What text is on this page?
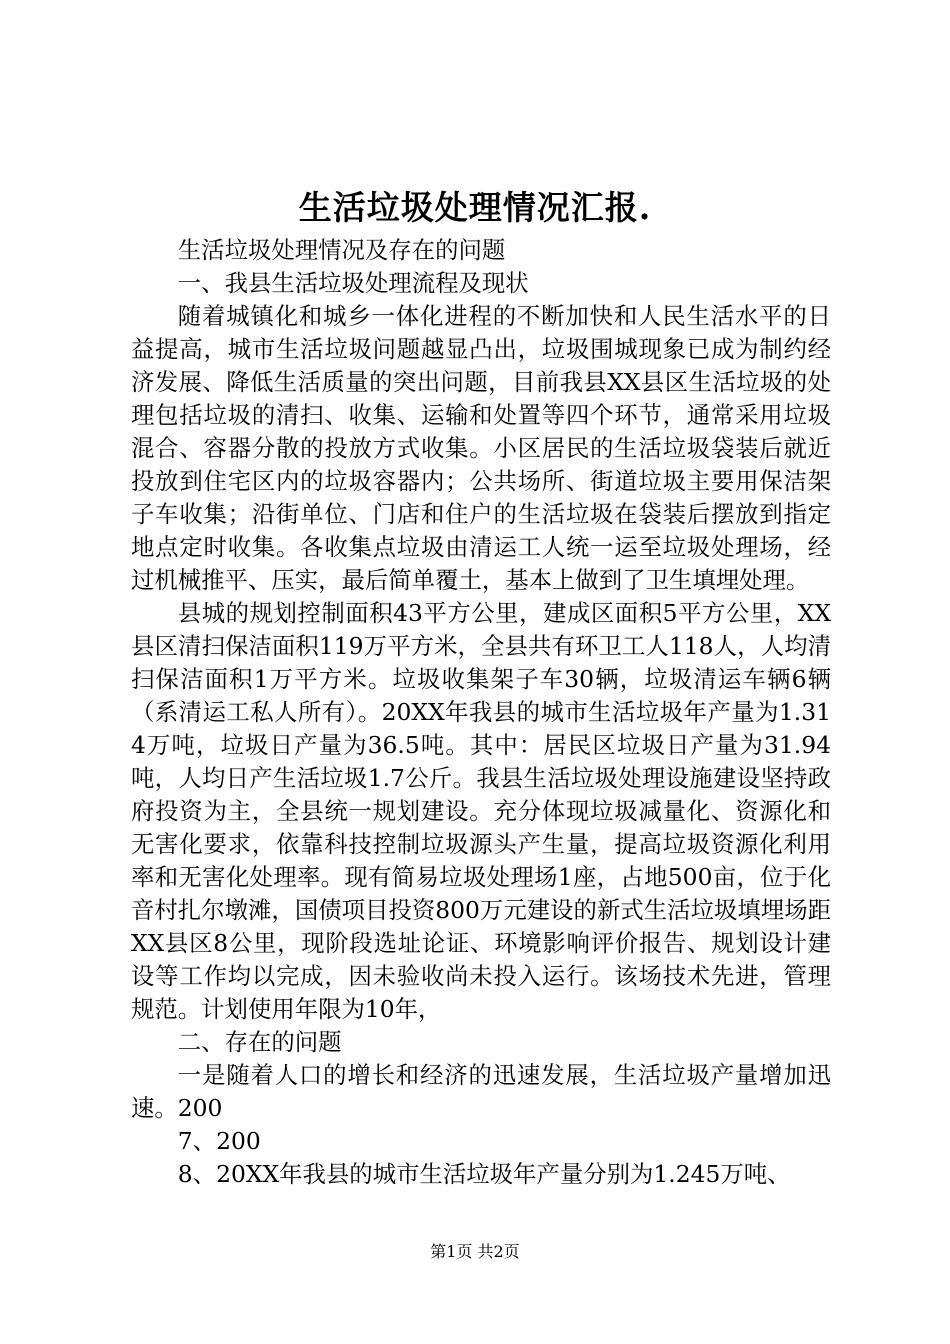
生活垃圾处理情况汇报.

生活垃圾处理情况及存在的问题

一、我县生活垃圾处理流程及现状

随着城镇化和城乡一体化进程的不断加快和人民生活水平的日益提高，城市生活垃圾问题越显凸出，垃圾围城现象已成为制约经济发展、降低生活质量的突出问题，目前我县XX县区生活垃圾的处理包括垃圾的清扫、收集、运输和处置等四个环节，通常采用垃圾混合、容器分散的投放方式收集。小区居民的生活垃圾袋装后就近投放到住宅区内的垃圾容器内；公共场所、街道垃圾主要用保洁架子车收集；沿街单位、门店和住户的生活垃圾在袋装后摆放到指定地点定时收集。各收集点垃圾由清运工人统一运至垃圾处理场，经过机械推平、压实，最后简单覆土，基本上做到了卫生填埋处理。

县城的规划控制面积43平方公里，建成区面积5平方公里，XX县区清扫保洁面积119万平方米，全县共有环卫工人118人，人均清扫保洁面积1万平方米。垃圾收集架子车30辆，垃圾清运车辆6辆（系清运工私人所有）。20XX年我县的城市生活垃圾年产量为1.314万吨，垃圾日产量为36.5吨。其中：居民区垃圾日产量为31.94吨，人均日产生活垃圾1.7公斤。我县生活垃圾处理设施建设坚持政府投资为主，全县统一规划建设。充分体现垃圾减量化、资源化和无害化要求，依靠科技控制垃圾源头产生量，提高垃圾资源化利用率和无害化处理率。现有简易垃圾处理场1座，占地500亩，位于化音村扎尔墩滩，国债项目投资800万元建设的新式生活垃圾填埋场距XX县区8公里，现阶段选址论证、环境影响评价报告、规划设计建设等工作均以完成，因未验收尚未投入运行。该场技术先进，管理规范。计划使用年限为10年，

二、存在的问题

一是随着人口的增长和经济的迅速发展，生活垃圾产量增加迅速。200

7、200

8、20XX年我县的城市生活垃圾年产量分别为1.245万吨、

第1页 共2页
